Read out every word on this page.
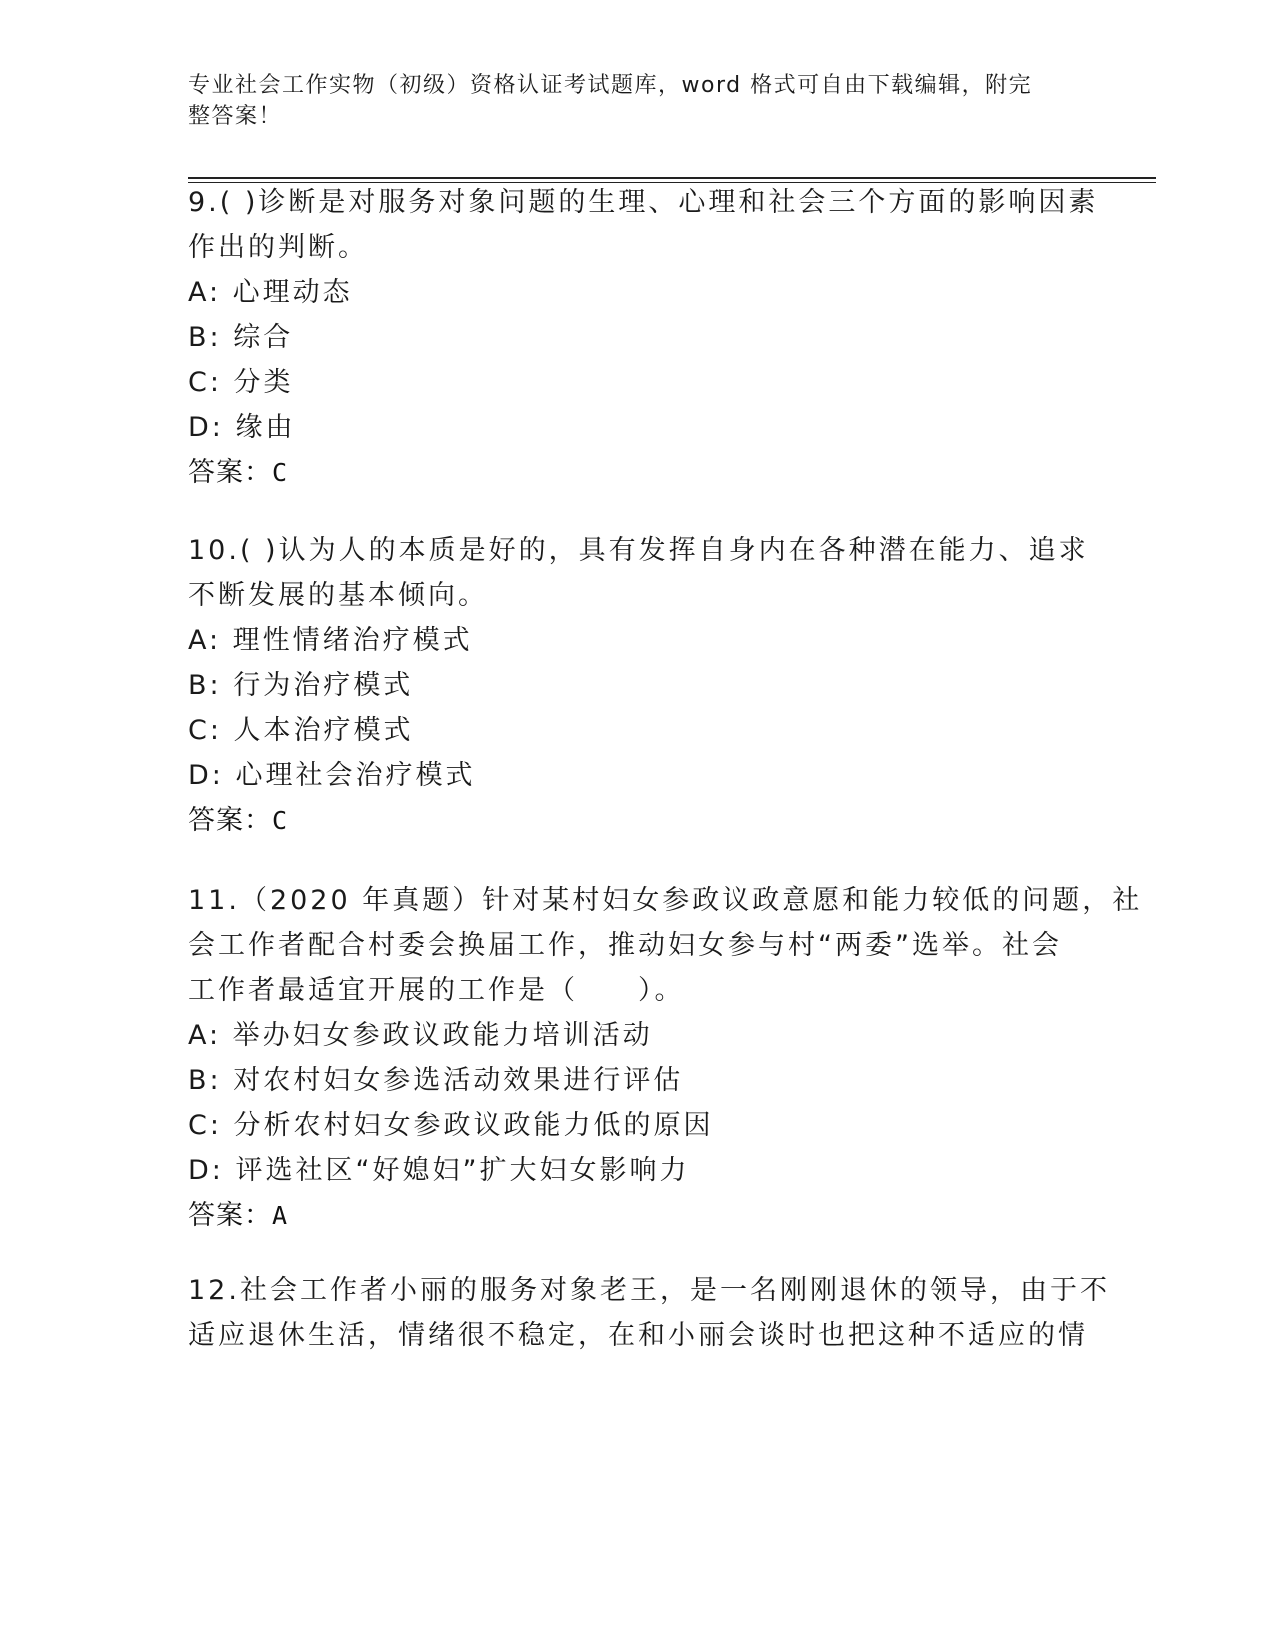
专业社会工作实物（初级）资格认证考试题库，word 格式可自由下载编辑，附完
整答案！
9.( )诊断是对服务对象问题的生理、心理和社会三个方面的影响因素
作出的判断。
A: 心理动态
B: 综合
C: 分类
D: 缘由
答案：C
10.( )认为人的本质是好的，具有发挥自身内在各种潜在能力、追求
不断发展的基本倾向。
A: 理性情绪治疗模式
B: 行为治疗模式
C: 人本治疗模式
D: 心理社会治疗模式
答案：C
11.（2020 年真题）针对某村妇女参政议政意愿和能力较低的问题，社
会工作者配合村委会换届工作，推动妇女参与村“两委”选举。社会
工作者最适宜开展的工作是（　　）。
A: 举办妇女参政议政能力培训活动
B: 对农村妇女参选活动效果进行评估
C: 分析农村妇女参政议政能力低的原因
D: 评选社区“好媳妇”扩大妇女影响力
答案：A
12.社会工作者小丽的服务对象老王，是一名刚刚退休的领导，由于不
适应退休生活，情绪很不稳定，在和小丽会谈时也把这种不适应的情
